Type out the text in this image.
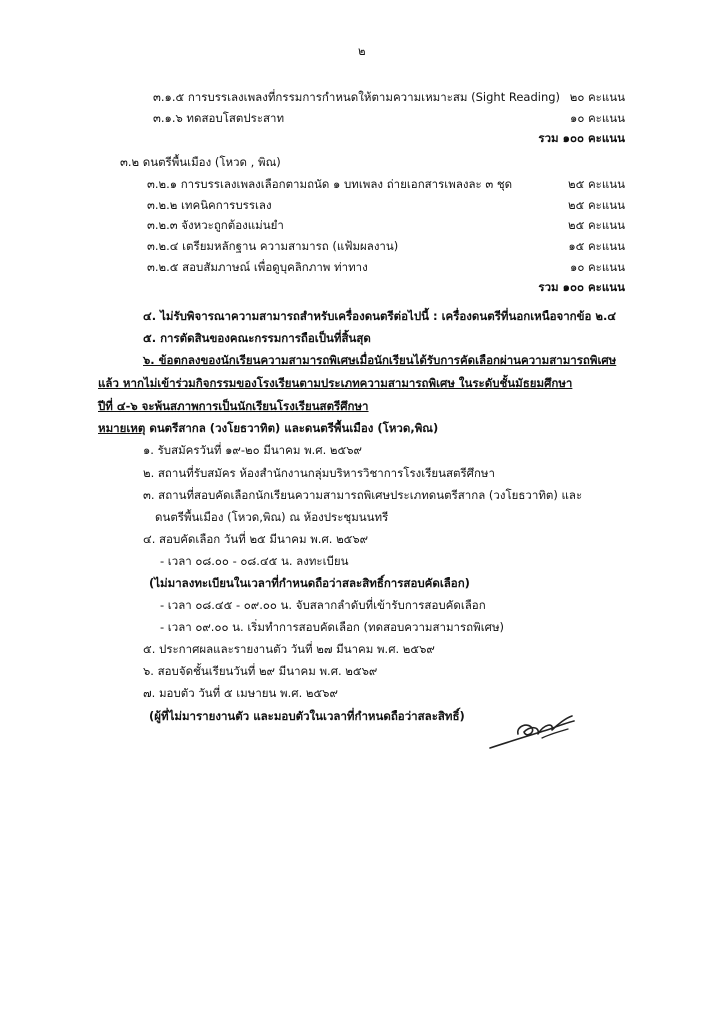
๒
๓.๑.๕ การบรรเลงเพลงที่กรรมการกำหนดให้ตามความเหมาะสม (Sight Reading) ๒๐ คะแนน
๓.๑.๖ ทดสอบโสตประสาท	๑๐ คะแนน
รวม ๑๐๐ คะแนน
๓.๒ ดนตรีพื้นเมือง (โหวด , พิณ)
๓.๒.๑ การบรรเลงเพลงเลือกตามถนัด ๑ บทเพลง ถ่ายเอกสารเพลงละ ๓ ชุด	๒๕ คะแนน
๓.๒.๒ เทคนิคการบรรเลง	๒๕ คะแนน
๓.๒.๓ จังหวะถูกต้องแม่นยำ	๒๕ คะแนน
๓.๒.๔ เตรียมหลักฐาน ความสามารถ (แฟ้มผลงาน)	๑๕ คะแนน
๓.๒.๕ สอบสัมภาษณ์ เพื่อดูบุคลิกภาพ ท่าทาง	๑๐ คะแนน
รวม ๑๐๐ คะแนน
๔. ไม่รับพิจารณาความสามารถสำหรับเครื่องดนตรีต่อไปนี้ : เครื่องดนตรีที่นอกเหนือจากข้อ ๒.๔
๕. การตัดสินของคณะกรรมการถือเป็นที่สิ้นสุด
๖. ข้อตกลงของนักเรียนความสามารถพิเศษเมื่อนักเรียนได้รับการคัดเลือกผ่านความสามารถพิเศษ
แล้ว หากไม่เข้าร่วมกิจกรรมของโรงเรียนตามประเภทความสามารถพิเศษ ในระดับชั้นมัธยมศึกษา
ปีที่ ๔-๖ จะพ้นสภาพการเป็นนักเรียนโรงเรียนสตรีศึกษา
หมายเหตุ ดนตรีสากล (วงโยธวาทิต) และดนตรีพื้นเมือง (โหวด,พิณ)
๑. รับสมัครวันที่ ๑๙-๒๐ มีนาคม พ.ศ. ๒๕๖๙
๒. สถานที่รับสมัคร ห้องสำนักงานกลุ่มบริหารวิชาการโรงเรียนสตรีศึกษา
๓. สถานที่สอบคัดเลือกนักเรียนความสามารถพิเศษประเภทดนตรีสากล (วงโยธวาทิต) และ
ดนตรีพื้นเมือง (โหวด,พิณ) ณ ห้องประชุมนนทรี
๔. สอบคัดเลือก วันที่ ๒๕ มีนาคม พ.ศ. ๒๕๖๙
- เวลา ๐๘.๐๐ - ๐๘.๔๕ น. ลงทะเบียน
(ไม่มาลงทะเบียนในเวลาที่กำหนดถือว่าสละสิทธิ์การสอบคัดเลือก)
- เวลา ๐๘.๔๕ - ๐๙.๐๐ น. จับสลากลำดับที่เข้ารับการสอบคัดเลือก
- เวลา ๐๙.๐๐ น. เริ่มทำการสอบคัดเลือก (ทดสอบความสามารถพิเศษ)
๕. ประกาศผลและรายงานตัว วันที่ ๒๗ มีนาคม พ.ศ. ๒๕๖๙
๖. สอบจัดชั้นเรียนวันที่ ๒๙ มีนาคม พ.ศ. ๒๕๖๙
๗. มอบตัว วันที่ ๕ เมษายน พ.ศ. ๒๕๖๙
(ผู้ที่ไม่มารายงานตัว และมอบตัวในเวลาที่กำหนดถือว่าสละสิทธิ์)
